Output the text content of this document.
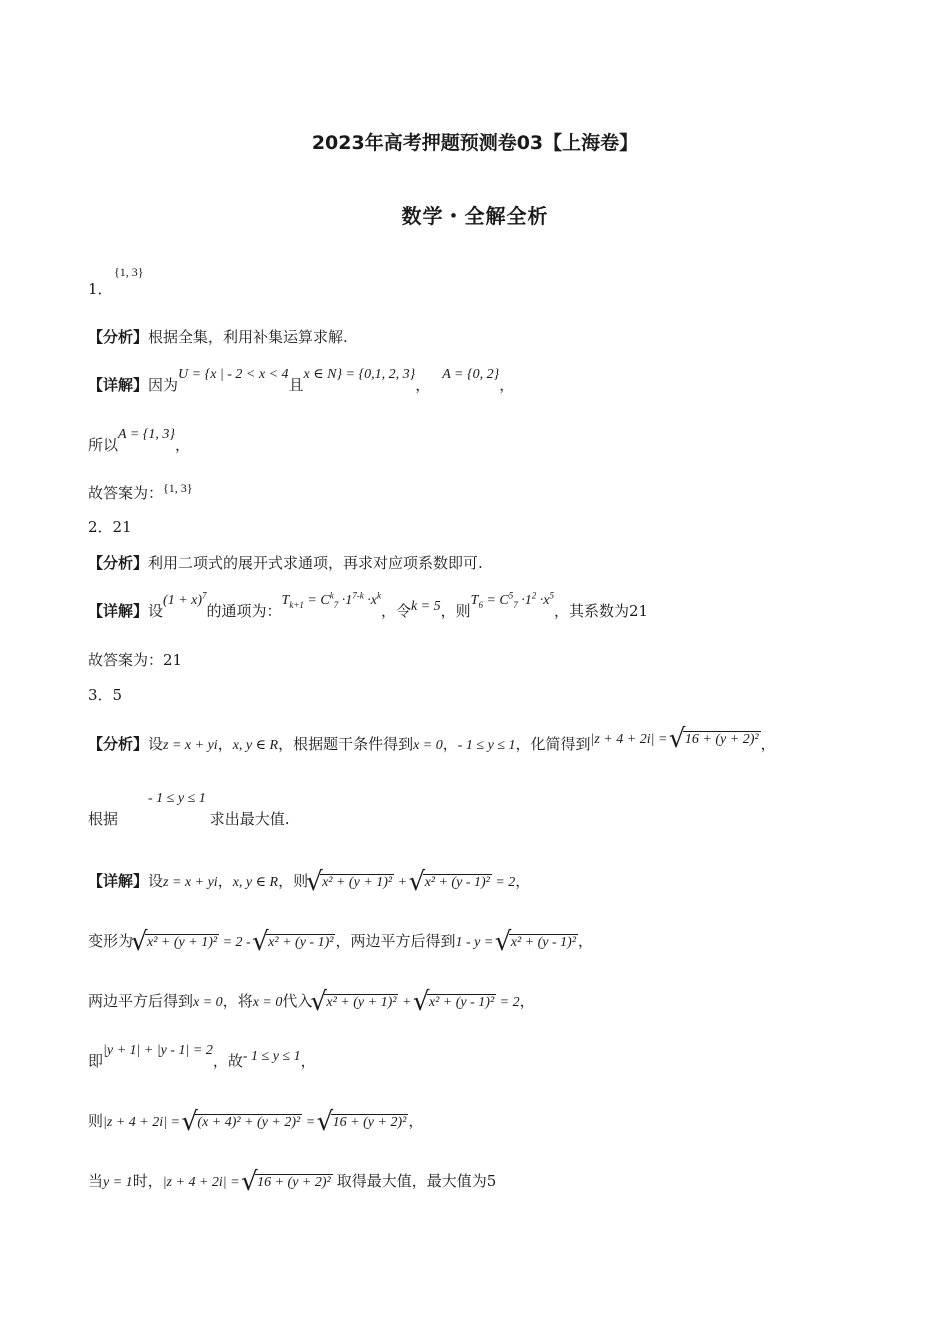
2023年高考押题预测卷03【上海卷】
数学・全解全析
{1, 3}
1．
【分析】根据全集，利用补集运算求解.
【详解】因为U = {x | - 2 < x < 4且x ∈ N} = {0,1, 2, 3}，A = {0, 2}，
所以A = {1, 3}，
故答案为：$^{\{1, 3\}}$
2．21
【分析】利用二项式的展开式求通项，再求对应项系数即可.
【详解】设$(1 + x)^7$的通项为：$T_{k+1} = C^k_7 \cdot 1^{7-k} \cdot x^k$，令k = 5，则$T_6 = C^5_7 \cdot 1^2 \cdot x^5$，其系数为21
故答案为：21
3．5
【分析】设z = x + yi，x, y ∈ R，根据题干条件得到x = 0，- 1 ≤ y ≤ 1，化简得到|z + 4 + 2i| = √ 16 + (y + 2)² ，
根据- 1 ≤ y ≤ 1求出最大值.
【详解】设z = x + yi，x, y ∈ R，则 √ x² + (y + 1)² + √ x² + (y - 1)² = 2，
变形为 √ x² + (y + 1)² = 2 - √ x² + (y - 1)² ，两边平方后得到1 - y = √ x² + (y - 1)² ，
两边平方后得到x = 0，将x = 0代入 √ x² + (y + 1)² + √ x² + (y - 1)² = 2，
即|y + 1| + |y - 1| = 2，故- 1 ≤ y ≤ 1，
则|z + 4 + 2i| = √ (x + 4)² + (y + 2)² = √ 16 + (y + 2)² ，
当y = 1时，|z + 4 + 2i| = √ 16 + (y + 2)² 取得最大值，最大值为5
